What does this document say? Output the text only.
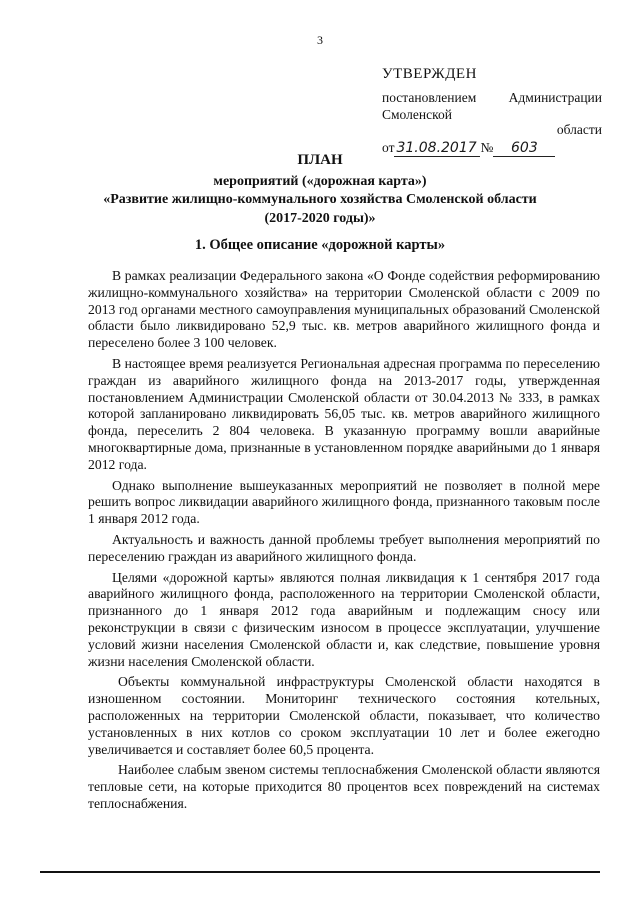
3
УТВЕРЖДЕН
постановлением Администрации
Смоленской
области
от 31.08.2017 №	603
ПЛАН
мероприятий («дорожная карта»)
«Развитие жилищно-коммунального хозяйства Смоленской области
(2017-2020 годы)»
1. Общее описание «дорожной карты»

В рамках реализации Федерального закона «О Фонде содействия реформированию жилищно-коммунального хозяйства» на территории Смоленской области с 2009 по 2013 год органами местного самоуправления муниципальных образований Смоленской области было ликвидировано 52,9 тыс. кв. метров аварийного жилищного фонда и переселено более 3 100 человек.

В настоящее время реализуется Региональная адресная программа по переселению граждан из аварийного жилищного фонда на 2013-2017 годы, утвержденная постановлением Администрации Смоленской области от 30.04.2013 № 333, в рамках которой запланировано ликвидировать 56,05 тыс. кв. метров аварийного жилищного фонда, переселить 2 804 человека. В указанную программу вошли аварийные многоквартирные дома, признанные в установленном порядке аварийными до 1 января 2012 года.

Однако выполнение вышеуказанных мероприятий не позволяет в полной мере решить вопрос ликвидации аварийного жилищного фонда, признанного таковым после 1 января 2012 года.

Актуальность и важность данной проблемы требует выполнения мероприятий по переселению граждан из аварийного жилищного фонда.

Целями «дорожной карты» являются полная ликвидация к 1 сентября 2017 года аварийного жилищного фонда, расположенного на территории Смоленской области, признанного до 1 января 2012 года аварийным и подлежащим сносу или реконструкции в связи с физическим износом в процессе эксплуатации, улучшение условий жизни населения Смоленской области и, как следствие, повышение уровня жизни населения Смоленской области.

Объекты коммунальной инфраструктуры Смоленской области находятся в изношенном состоянии. Мониторинг технического состояния котельных, расположенных на территории Смоленской области, показывает, что количество установленных в них котлов со сроком эксплуатации 10 лет и более ежегодно увеличивается и составляет более 60,5 процента.

Наиболее слабым звеном системы теплоснабжения Смоленской области являются тепловые сети, на которые приходится 80 процентов всех повреждений на системах теплоснабжения.
